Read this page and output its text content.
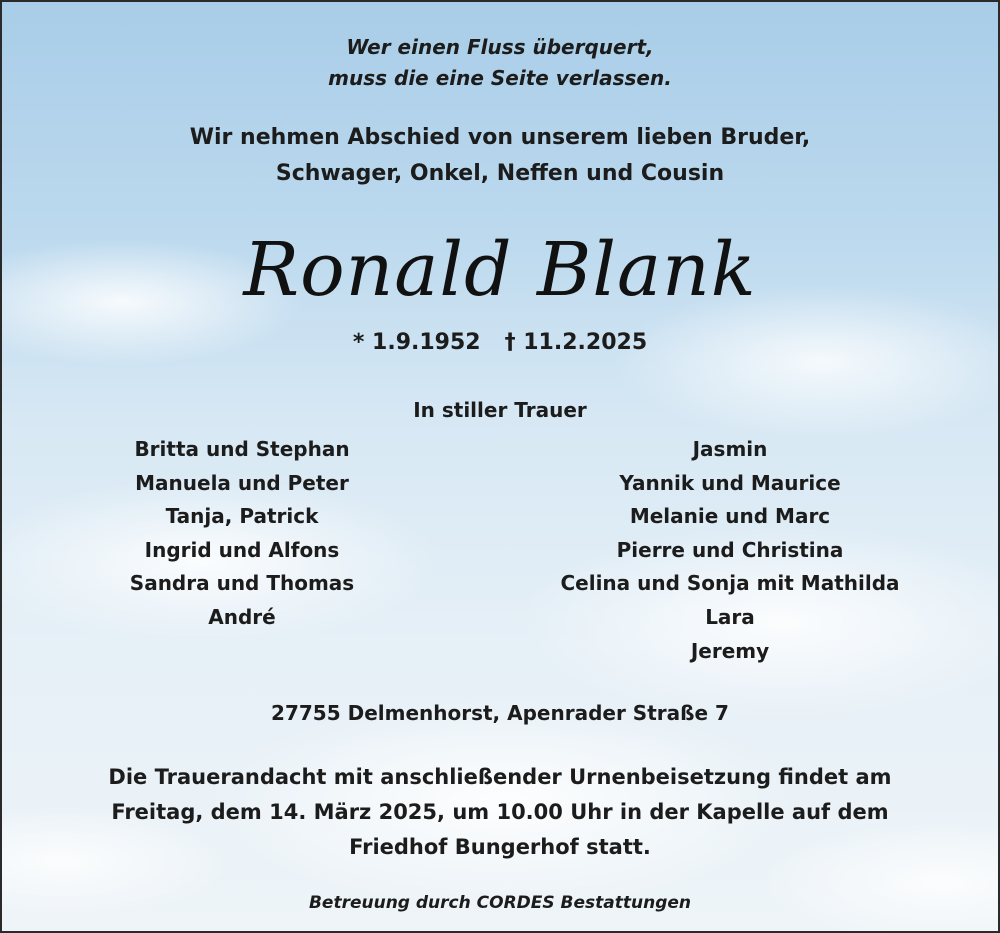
Wer einen Fluss überquert,
muss die eine Seite verlassen.
Wir nehmen Abschied von unserem lieben Bruder,
Schwager, Onkel, Neffen und Cousin
Ronald Blank
* 1.9.1952 † 11.2.2025
In stiller Trauer
Britta und Stephan
Manuela und Peter
Tanja, Patrick
Ingrid und Alfons
Sandra und Thomas
André
Jasmin
Yannik und Maurice
Melanie und Marc
Pierre und Christina
Celina und Sonja mit Mathilda
Lara
Jeremy
27755 Delmenhorst, Apenrader Straße 7
Die Trauerandacht mit anschließender Urnenbeisetzung findet am
Freitag, dem 14. März 2025, um 10.00 Uhr in der Kapelle auf dem
Friedhof Bungerhof statt.
Betreuung durch CORDES Bestattungen
